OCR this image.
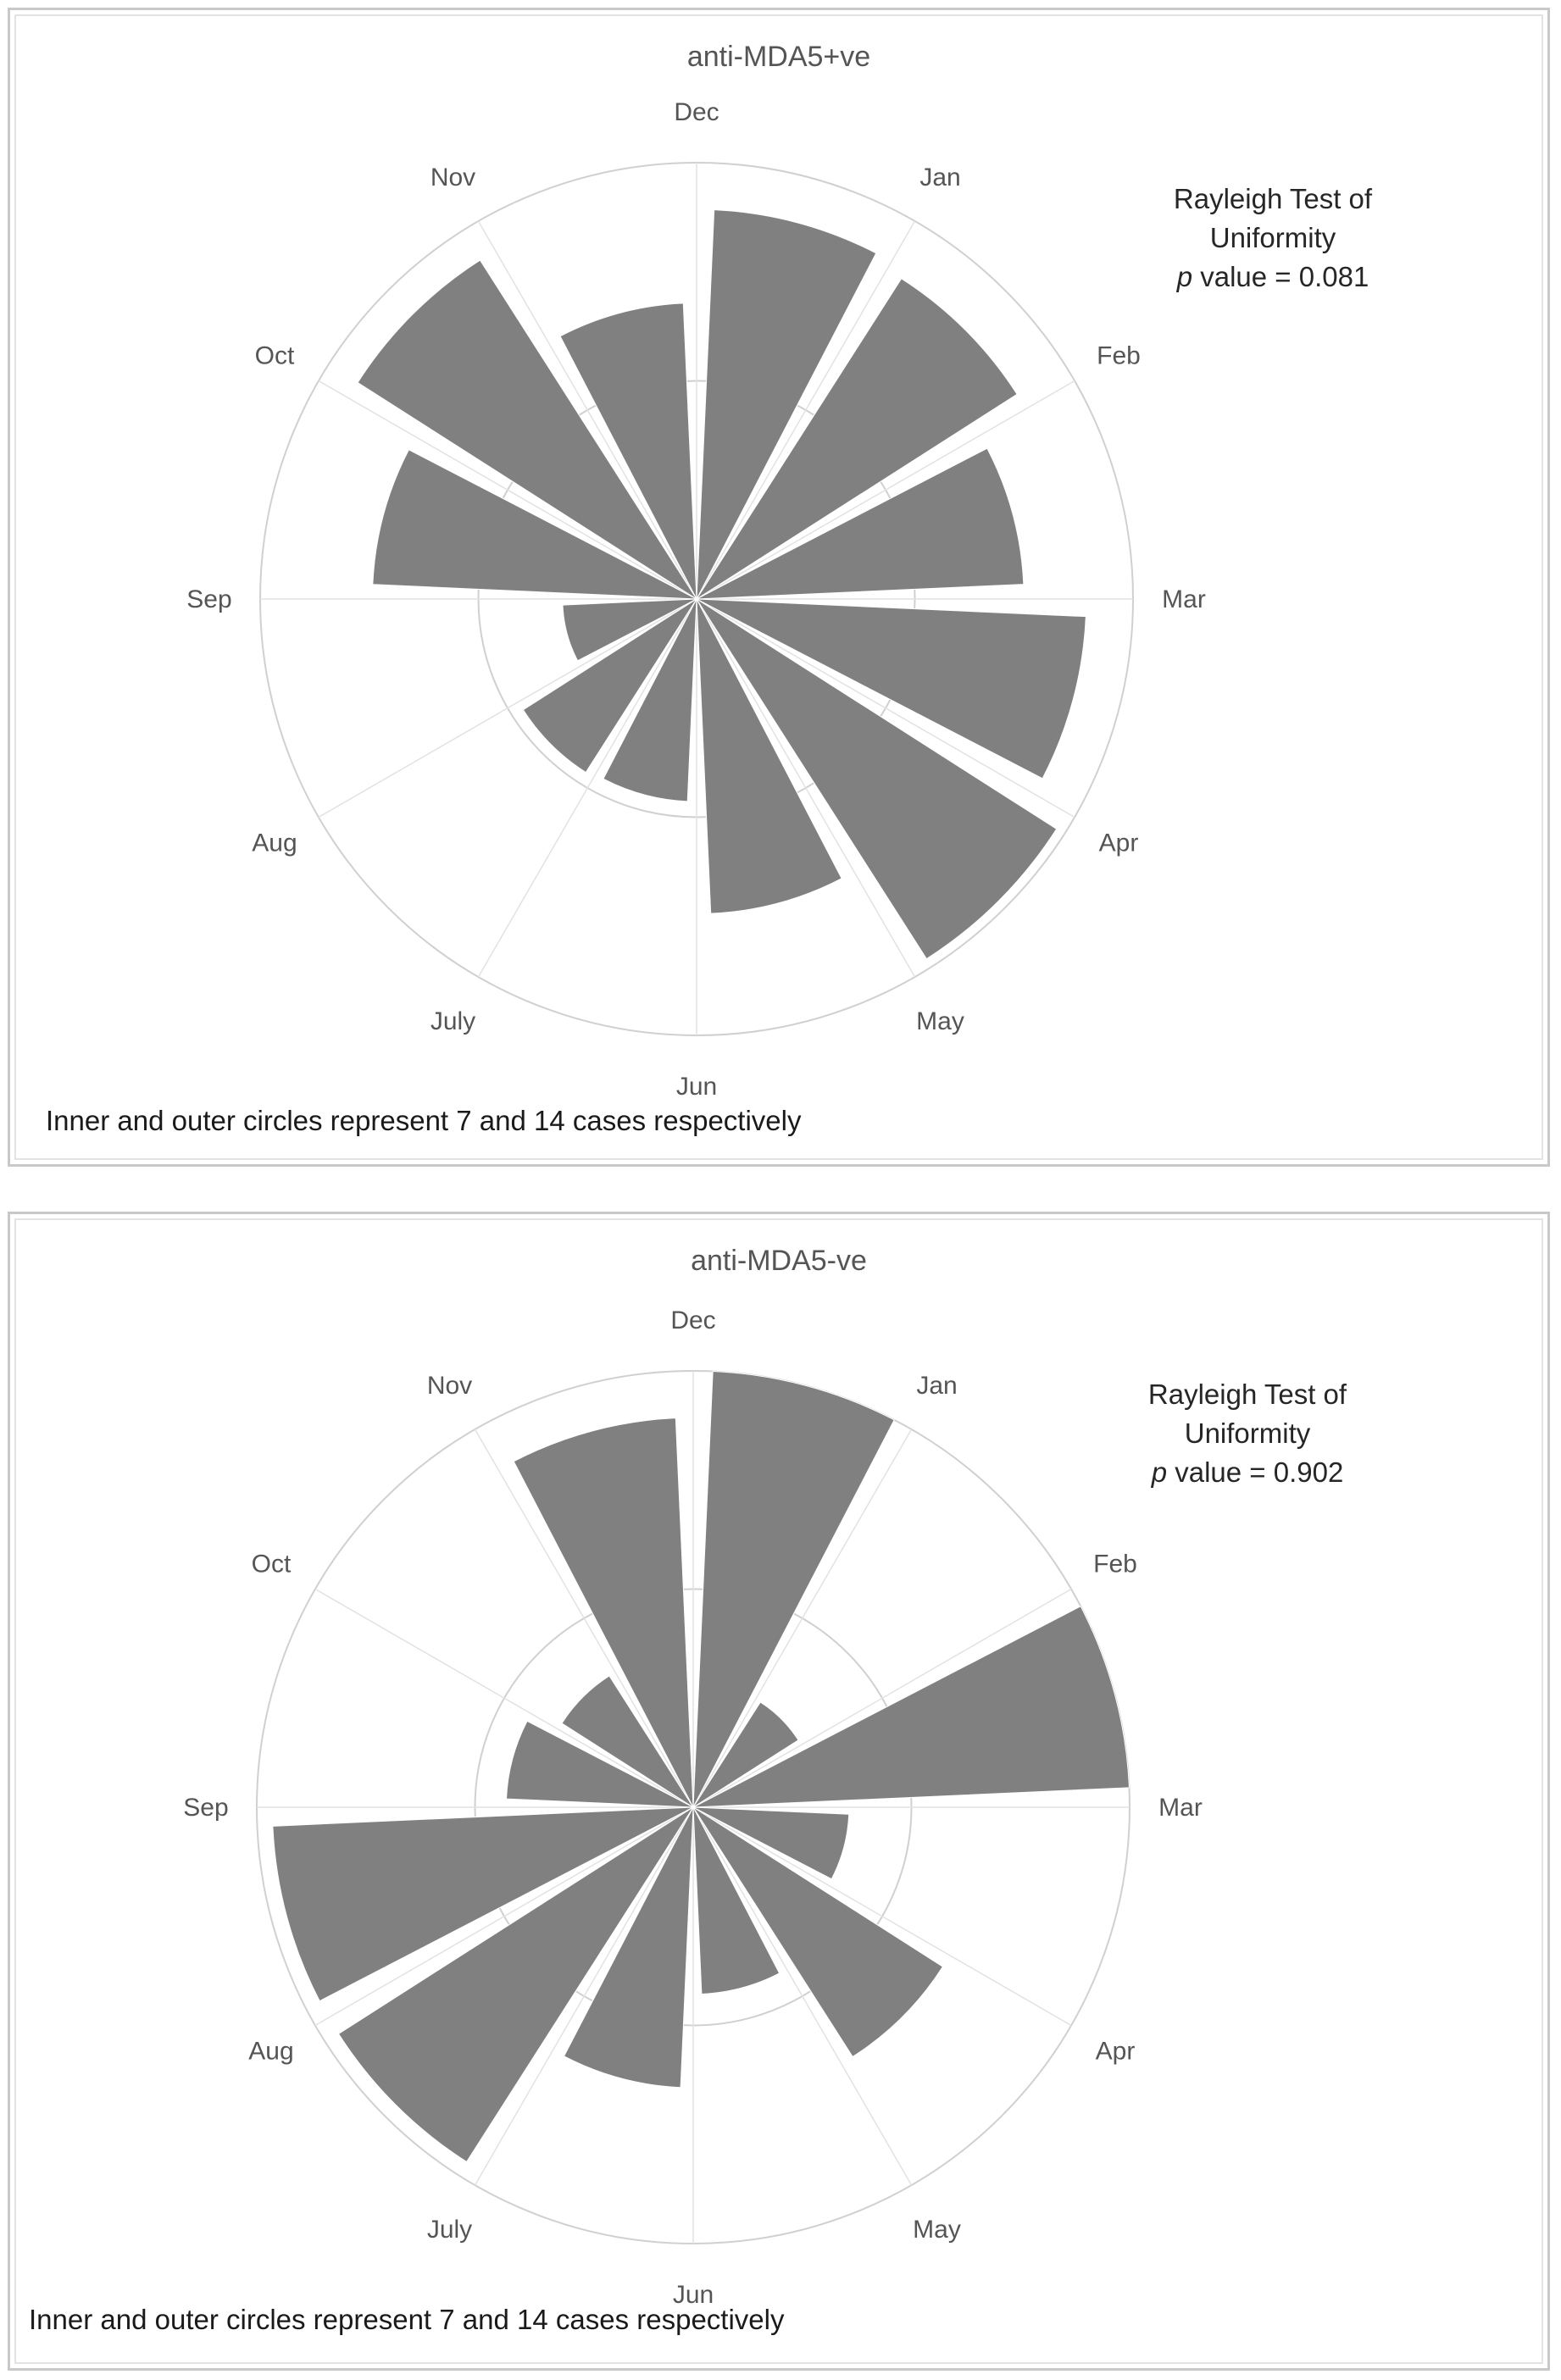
Jan
Feb
Mar
Apr
May
Jun
July
Aug
Sep
Oct
Nov
Dec
anti-MDA5+ve
Rayleigh Test of Uniformity
p value = 0.081
Inner and outer circles represent 7 and 14 cases respectively
Jan
Feb
Mar
Apr
May
Jun
July
Aug
Sep
Oct
Nov
Dec
anti-MDA5-ve
Rayleigh Test of Uniformity
p value = 0.902
Inner and outer circles represent 7 and 14 cases respectively
